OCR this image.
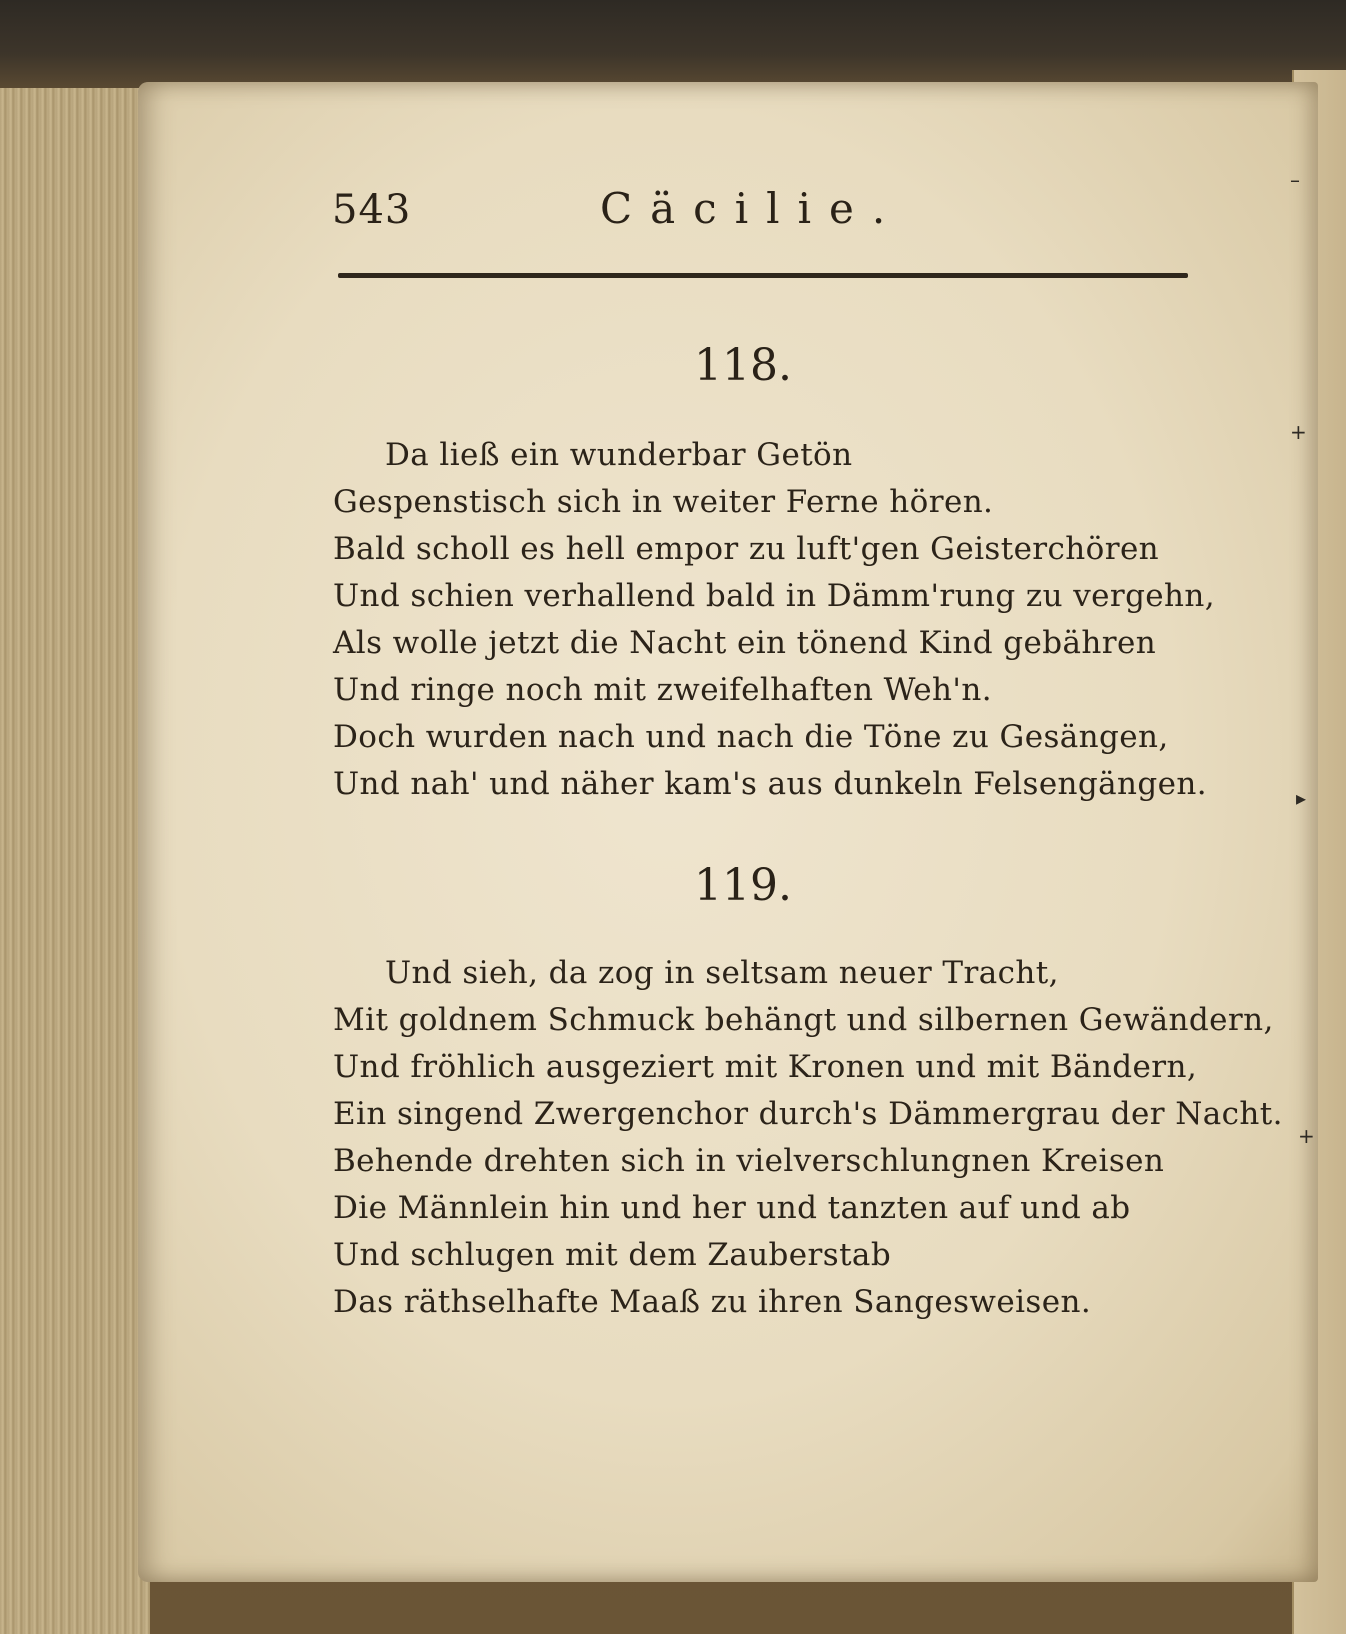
543	Cäcilie.
118.
Da ließ ein wunderbar Getön
Gespenstisch sich in weiter Ferne hören.
Bald scholl es hell empor zu luft'gen Geisterchören
Und schien verhallend bald in Dämm'rung zu vergehn,
Als wolle jetzt die Nacht ein tönend Kind gebähren
Und ringe noch mit zweifelhaften Weh'n.
Doch wurden nach und nach die Töne zu Gesängen,
Und nah' und näher kam's aus dunkeln Felsengängen.
119.
Und sieh, da zog in seltsam neuer Tracht,
Mit goldnem Schmuck behängt und silbernen Gewändern,
Und fröhlich ausgeziert mit Kronen und mit Bändern,
Ein singend Zwergenchor durch's Dämmergrau der Nacht.
Behende drehten sich in vielverschlungnen Kreisen
Die Männlein hin und her und tanzten auf und ab
Und schlugen mit dem Zauberstab
Das räthselhafte Maaß zu ihren Sangesweisen.
–
+
▸
+
